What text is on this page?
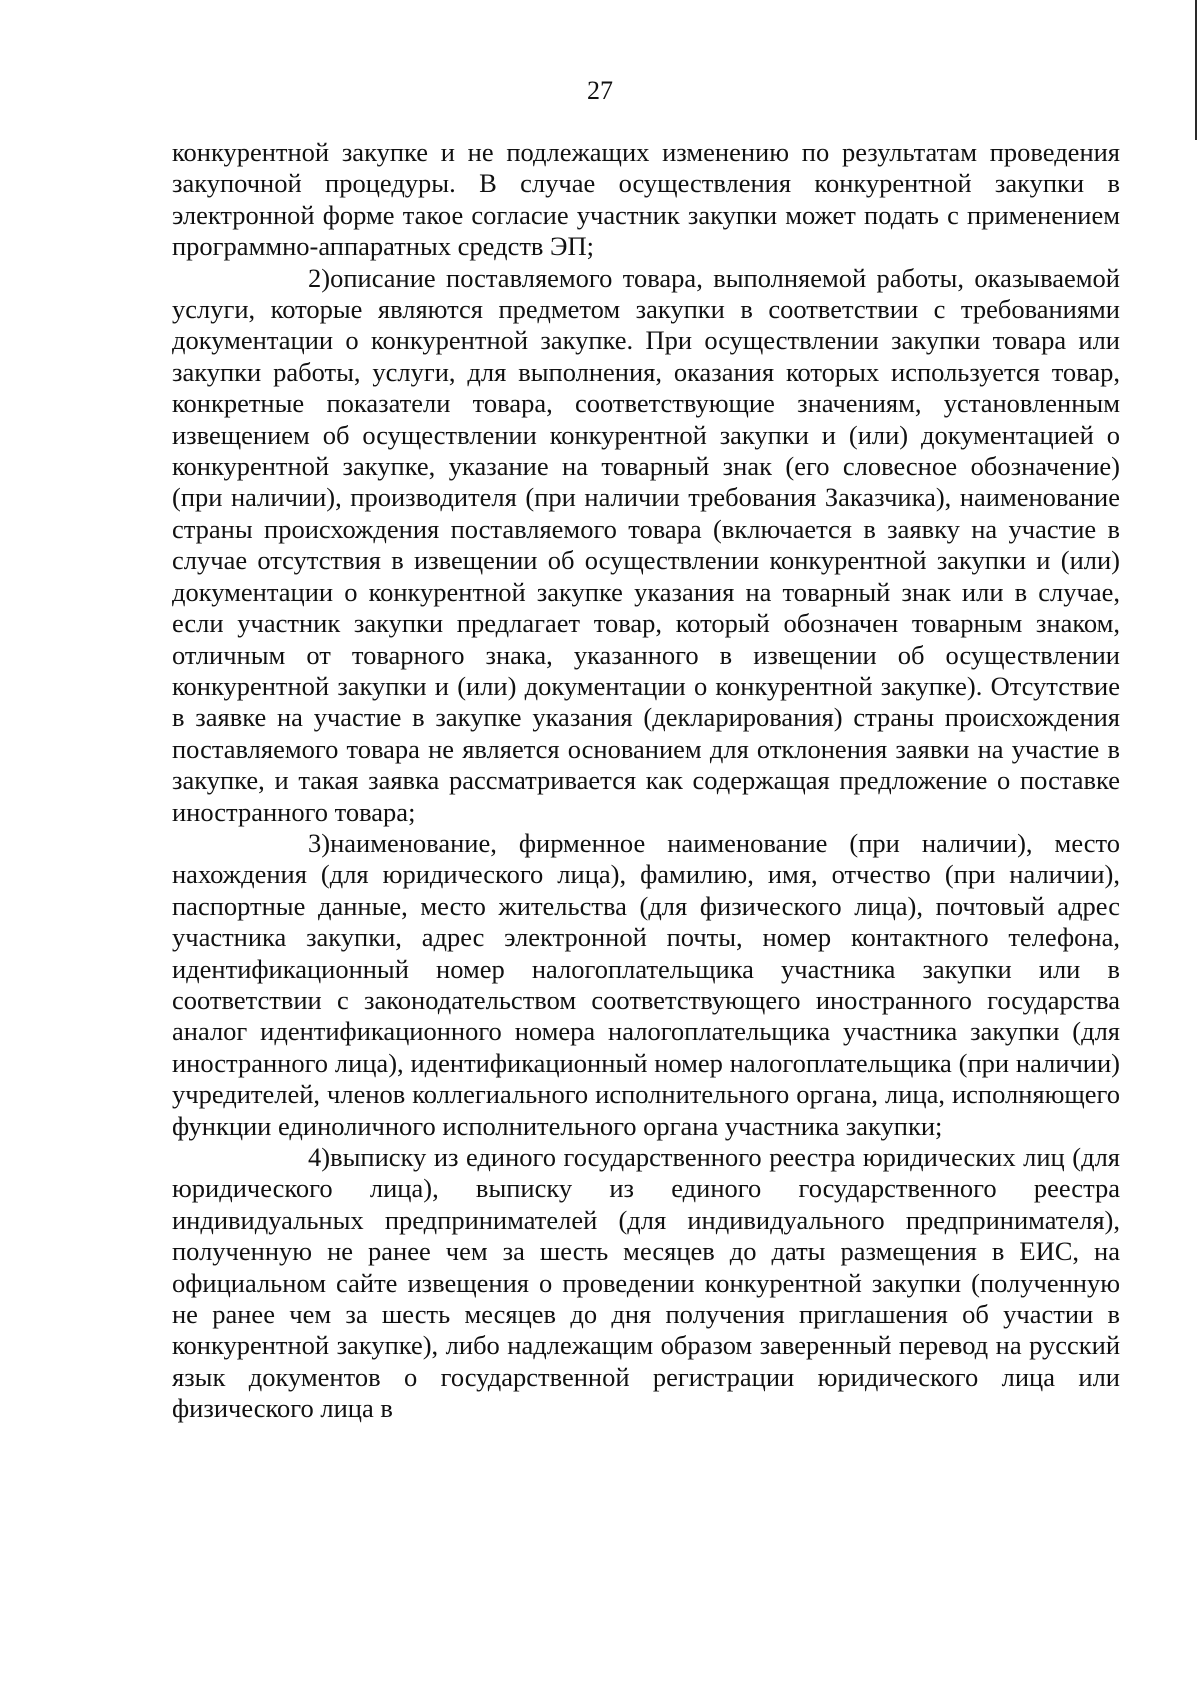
27

конкурентной закупке и не подлежащих изменению по результатам проведения закупочной процедуры. В случае осуществления конкурентной закупки в электронной форме такое согласие участник закупки может подать с применением программно-аппаратных средств ЭП;

2)описание поставляемого товара, выполняемой работы, оказываемой услуги, которые являются предметом закупки в соответствии с требованиями документации о конкурентной закупке. При осуществлении закупки товара или закупки работы, услуги, для выполнения, оказания которых используется товар, конкретные показатели товара, соответствующие значениям, установленным извещением об осуществлении конкурентной закупки и (или) документацией о конкурентной закупке, указание на товарный знак (его словесное обозначение) (при наличии), производителя (при наличии требования Заказчика), наименование страны происхождения поставляемого товара (включается в заявку на участие в случае отсутствия в извещении об осуществлении конкурентной закупки и (или) документации о конкурентной закупке указания на товарный знак или в случае, если участник закупки предлагает товар, который обозначен товарным знаком, отличным от товарного знака, указанного в извещении об осуществлении конкурентной закупки и (или) документации о конкурентной закупке). Отсутствие в заявке на участие в закупке указания (декларирования) страны происхождения поставляемого товара не является основанием для отклонения заявки на участие в закупке, и такая заявка рассматривается как содержащая предложение о поставке иностранного товара;

3)наименование, фирменное наименование (при наличии), место нахождения (для юридического лица), фамилию, имя, отчество (при наличии), паспортные данные, место жительства (для физического лица), почтовый адрес участника закупки, адрес электронной почты, номер контактного телефона, идентификационный номер налогоплательщика участника закупки или в соответствии с законодательством соответствующего иностранного государства аналог идентификационного номера налогоплательщика участника закупки (для иностранного лица), идентификационный номер налогоплательщика (при наличии) учредителей, членов коллегиального исполнительного органа, лица, исполняющего функции единоличного исполнительного органа участника закупки;

4)выписку из единого государственного реестра юридических лиц (для юридического лица), выписку из единого государственного реестра индивидуальных предпринимателей (для индивидуального предпринимателя), полученную не ранее чем за шесть месяцев до даты размещения в ЕИС, на официальном сайте извещения о проведении конкурентной закупки (полученную не ранее чем за шесть месяцев до дня получения приглашения об участии в конкурентной закупке), либо надлежащим образом заверенный перевод на русский язык документов о государственной регистрации юридического лица или физического лица в
